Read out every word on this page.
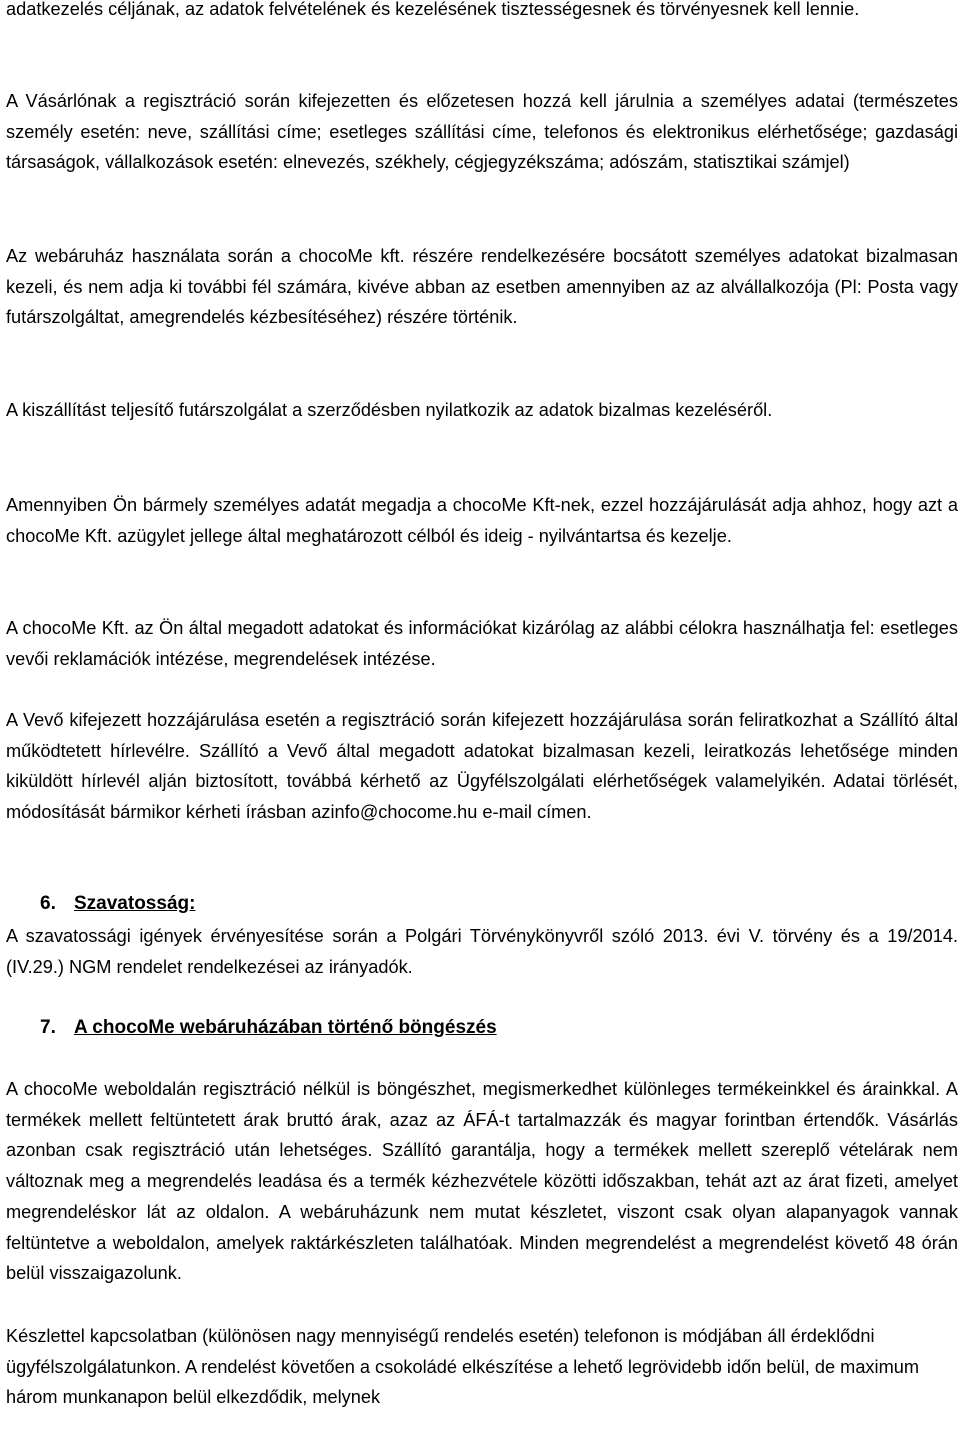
adatkezelés céljának, az adatok felvételének és kezelésének tisztességesnek és törvényesnek kell lennie.

A Vásárlónak a regisztráció során kifejezetten és előzetesen hozzá kell járulnia a személyes adatai (természetes személy esetén: neve, szállítási címe; esetleges szállítási címe, telefonos és elektronikus elérhetősége; gazdasági társaságok, vállalkozások esetén: elnevezés, székhely, cégjegyzékszáma; adószám, statisztikai számjel)

Az webáruház használata során a chocoMe kft. részére rendelkezésére bocsátott személyes adatokat bizalmasan kezeli, és nem adja ki további fél számára, kivéve abban az esetben amennyiben az az alvállalkozója (Pl: Posta vagy futárszolgáltat, amegrendelés kézbesítéséhez) részére történik.

A kiszállítást teljesítő futárszolgálat a szerződésben nyilatkozik az adatok bizalmas kezeléséről.

Amennyiben Ön bármely személyes adatát megadja a chocoMe Kft-nek, ezzel hozzájárulását adja ahhoz, hogy azt a chocoMe Kft. azügylet jellege által meghatározott célból és ideig - nyilvántartsa és kezelje.

A chocoMe Kft. az Ön által megadott adatokat és információkat kizárólag az alábbi célokra használhatja fel: esetleges vevői reklamációk intézése, megrendelések intézése.

A Vevő kifejezett hozzájárulása esetén a regisztráció során kifejezett hozzájárulása során feliratkozhat a Szállító által működtetett hírlevélre. Szállító a Vevő által megadott adatokat bizalmasan kezeli, leiratkozás lehetősége minden kiküldött hírlevél alján biztosított, továbbá kérhető az Ügyfélszolgálati elérhetőségek valamelyikén. Adatai törlését, módosítását bármikor kérheti írásban azinfo@chocome.hu e-mail címen.

6. Szavatosság:

A szavatossági igények érvényesítése során a Polgári Törvénykönyvről szóló 2013. évi V. törvény és a 19/2014. (IV.29.) NGM rendelet rendelkezései az irányadók.

7. A chocoMe webáruházában történő böngészés

A chocoMe weboldalán regisztráció nélkül is böngészhet, megismerkedhet különleges termékeinkkel és árainkkal. A termékek mellett feltüntetett árak bruttó árak, azaz az ÁFÁ-t tartalmazzák és magyar forintban értendők. Vásárlás azonban csak regisztráció után lehetséges. Szállító garantálja, hogy a termékek mellett szereplő vételárak nem változnak meg a megrendelés leadása és a termék kézhezvétele közötti időszakban, tehát azt az árat fizeti, amelyet megrendeléskor lát az oldalon. A webáruházunk nem mutat készletet, viszont csak olyan alapanyagok vannak feltüntetve a weboldalon, amelyek raktárkészleten találhatóak. Minden megrendelést a megrendelést követő 48 órán belül visszaigazolunk.

Készlettel kapcsolatban (különösen nagy mennyiségű rendelés esetén) telefonon is módjában áll érdeklődni ügyfélszolgálatunkon. A rendelést követően a csokoládé elkészítése a lehető legrövidebb időn belül, de maximum három munkanapon belül elkezdődik, melynek
